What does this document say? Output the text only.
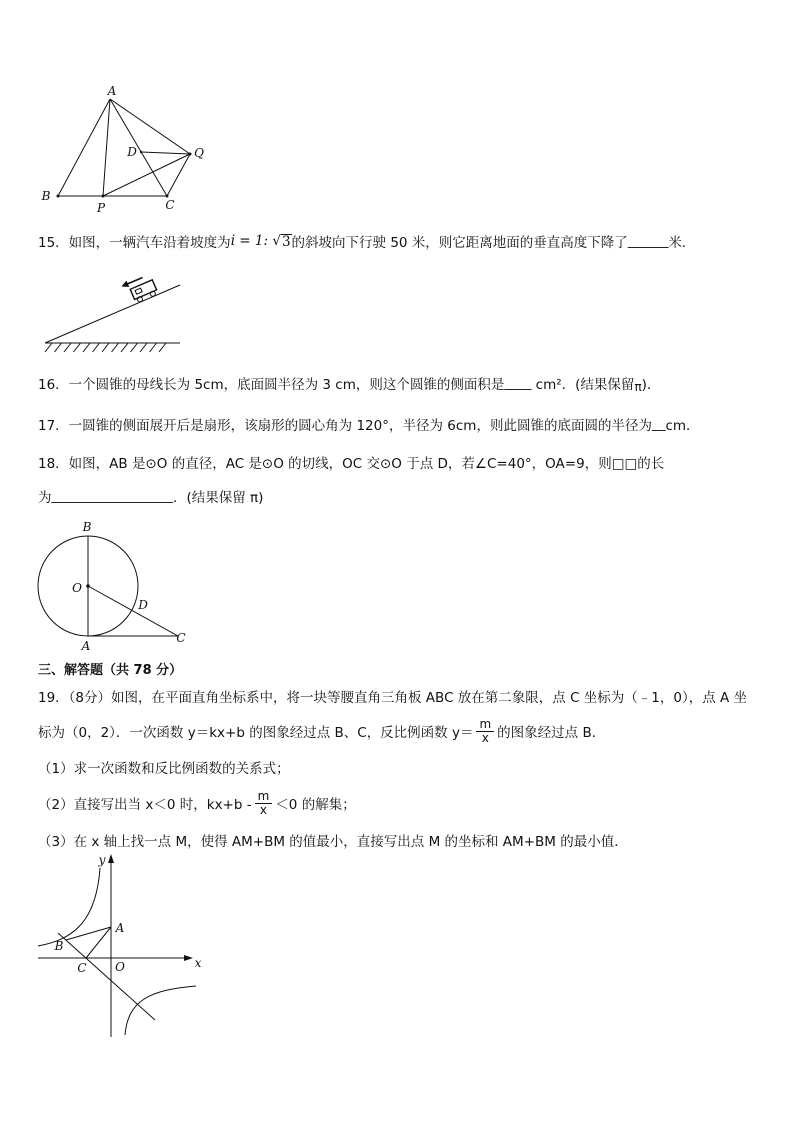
A
B
P	C
D	Q
15．如图，一辆汽车沿着坡度为 i = 1: √ 3 的斜坡向下行驶 50 米，则它距离地面的垂直高度下降了 ______ 米．
16．一个圆锥的母线长为 5cm，底面圆半径为 3 cm，则这个圆锥的侧面积是 ____ cm²．(结果保留 π )．
17．一圆锥的侧面展开后是扇形，该扇形的圆心角为 120°，半径为 6cm，则此圆锥的底面圆的半径为 __ cm．
18．如图，AB 是⊙O 的直径，AC 是⊙O 的切线，OC 交⊙O 于点 D，若∠C=40°，OA=9，则□□的长
为 __________________ ．(结果保留 π)
B
O
D
A
C
三、解答题（共 78 分）
19．（8分）如图，在平面直角坐标系中，将一块等腰直角三角板 ABC 放在第二象限，点 C 坐标为（﹣1，0），点 A 坐
标为（0，2）．一次函数 y＝kx+b 的图象经过点 B、C，反比例函数 $y= \frac{m}{x}$ 的图象经过点 B．
（1）求一次函数和反比例函数的关系式；
（2）直接写出当 x＜0 时，$kx+b - \frac{m}{x} <0$ 的解集；
（3）在 x 轴上找一点 M，使得 AM+BM 的值最小，直接写出点 M 的坐标和 AM+BM 的最小值．
y
x
O
A
B
C
